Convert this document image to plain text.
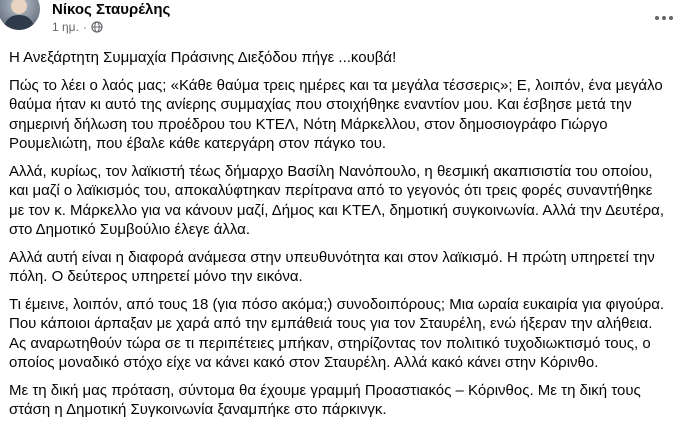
Νίκος Σταυρέλης
1 ημ. ·

Η Ανεξάρτητη Συμμαχία Πράσινης Διεξόδου πήγε ...κουβά!

Πώς το λέει ο λαός μας; «Κάθε θαύμα τρεις ημέρες και τα μεγάλα τέσσερις»; Ε, λοιπόν, ένα μεγάλο
θαύμα ήταν κι αυτό της ανίερης συμμαχίας που στοιχήθηκε εναντίον μου. Και έσβησε μετά την
σημερινή δήλωση του προέδρου του ΚΤΕΛ, Νότη Μάρκελλου, στον δημοσιογράφο Γιώργο
Ρουμελιώτη, που έβαλε κάθε κατεργάρη στον πάγκο του.

Αλλά, κυρίως, τον λαϊκιστή τέως δήμαρχο Βασίλη Νανόπουλο, η θεσμική ακαπισιστία του οποίου,
και μαζί ο λαϊκισμός του, αποκαλύφτηκαν περίτρανα από το γεγονός ότι τρεις φορές συναντήθηκε
με τον κ. Μάρκελλο για να κάνουν μαζί, Δήμος και ΚΤΕΛ, δημοτική συγκοινωνία. Αλλά την Δευτέρα,
στο Δημοτικό Συμβούλιο έλεγε άλλα.

Αλλά αυτή είναι η διαφορά ανάμεσα στην υπευθυνότητα και στον λαϊκισμό. Η πρώτη υπηρετεί την
πόλη. Ο δεύτερος υπηρετεί μόνο την εικόνα.

Τι έμεινε, λοιπόν, από τους 18 (για πόσο ακόμα;) συνοδοιπόρους; Μια ωραία ευκαιρία για φιγούρα.
Που κάποιοι άρπαξαν με χαρά από την εμπάθειά τους για τον Σταυρέλη, ενώ ήξεραν την αλήθεια.
Ας αναρωτηθούν τώρα σε τι περιπέτειες μπήκαν, στηρίζοντας τον πολιτικό τυχοδιωκτισμό τους, ο
οποίος μοναδικό στόχο είχε να κάνει κακό στον Σταυρέλη. Αλλά κακό κάνει στην Κόρινθο.

Με τη δική μας πρόταση, σύντομα θα έχουμε γραμμή Προαστιακός – Κόρινθος. Με τη δική τους
στάση η Δημοτική Συγκοινωνία ξαναμπήκε στο πάρκινγκ.
